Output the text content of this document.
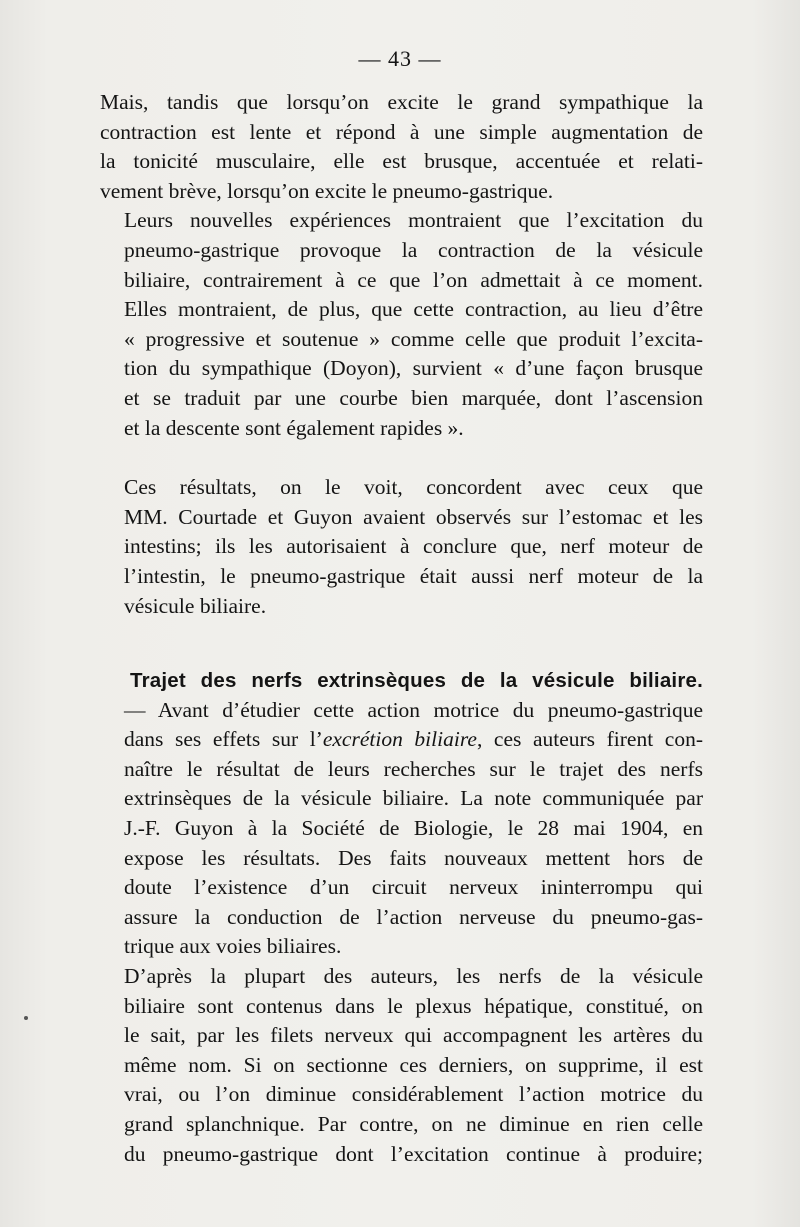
— 43 —

Mais, tandis que lorsqu’on excite le grand sympathique la
contraction est lente et répond à une simple augmentation de
la tonicité musculaire, elle est brusque, accentuée et relati-
vement brève, lorsqu’on excite le pneumo-gastrique.

Leurs nouvelles expériences montraient que l’excitation du
pneumo-gastrique provoque la contraction de la vésicule
biliaire, contrairement à ce que l’on admettait à ce moment.
Elles montraient, de plus, que cette contraction, au lieu d’être
« progressive et soutenue » comme celle que produit l’excita-
tion du sympathique (Doyon), survient « d’une façon brusque
et se traduit par une courbe bien marquée, dont l’ascension
et la descente sont également rapides ».

Ces résultats, on le voit, concordent avec ceux que
MM. Courtade et Guyon avaient observés sur l’estomac et les
intestins; ils les autorisaient à conclure que, nerf moteur de
l’intestin, le pneumo-gastrique était aussi nerf moteur de la
vésicule biliaire.

Trajet des nerfs extrinsèques de la vésicule biliaire.
— Avant d’étudier cette action motrice du pneumo-gastrique
dans ses effets sur l’excrétion biliaire, ces auteurs firent con-
naître le résultat de leurs recherches sur le trajet des nerfs
extrinsèques de la vésicule biliaire. La note communiquée par
J.-F. Guyon à la Société de Biologie, le 28 mai 1904, en
expose les résultats. Des faits nouveaux mettent hors de
doute l’existence d’un circuit nerveux ininterrompu qui
assure la conduction de l’action nerveuse du pneumo-gas-
trique aux voies biliaires.

D’après la plupart des auteurs, les nerfs de la vésicule
biliaire sont contenus dans le plexus hépatique, constitué, on
le sait, par les filets nerveux qui accompagnent les artères du
même nom. Si on sectionne ces derniers, on supprime, il est
vrai, ou l’on diminue considérablement l’action motrice du
grand splanchnique. Par contre, on ne diminue en rien celle
du pneumo-gastrique dont l’excitation continue à produire;
